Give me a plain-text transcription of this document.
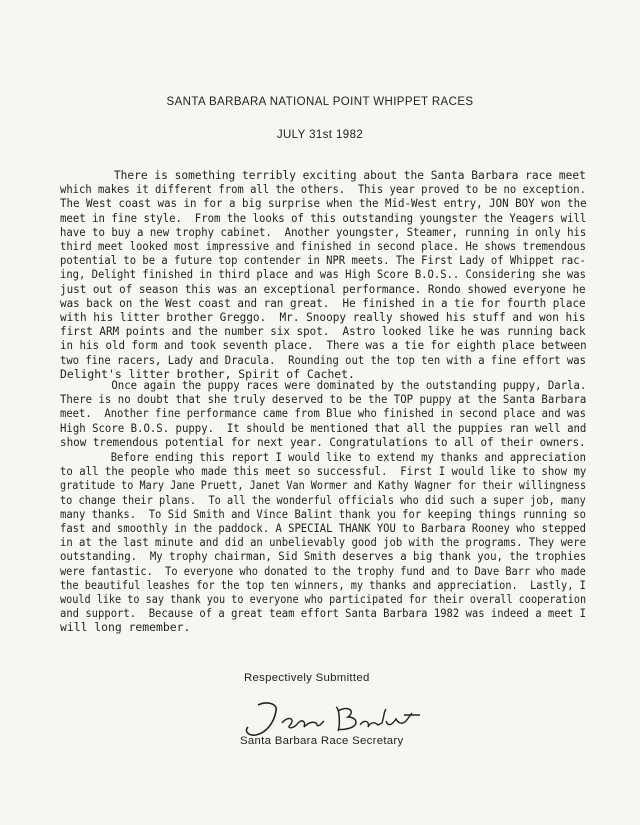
SANTA BARBARA NATIONAL POINT WHIPPET RACES
JULY 31st 1982
There is something terribly exciting about the Santa Barbara race meet
which makes it different from all the others.  This year proved to be no exception.
The West coast was in for a big surprise when the Mid-West entry, JON BOY won the
meet in fine style.  From the looks of this outstanding youngster the Yeagers will
have to buy a new trophy cabinet.  Another youngster, Steamer, running in only his
third meet looked most impressive and finished in second place. He shows tremendous
potential to be a future top contender in NPR meets. The First Lady of Whippet rac-
ing, Delight finished in third place and was High Score B.O.S.. Considering she was
just out of season this was an exceptional performance. Rondo showed everyone he
was back on the West coast and ran great.  He finished in a tie for fourth place
with his litter brother Greggo.  Mr. Snoopy really showed his stuff and won his
first ARM points and the number six spot.  Astro looked like he was running back
in his old form and took seventh place.  There was a tie for eighth place between
two fine racers, Lady and Dracula.  Rounding out the top ten with a fine effort was
Delight's litter brother, Spirit of Cachet.
Once again the puppy races were dominated by the outstanding puppy, Darla.
There is no doubt that she truly deserved to be the TOP puppy at the Santa Barbara
meet.  Another fine performance came from Blue who finished in second place and was
High Score B.O.S. puppy.  It should be mentioned that all the puppies ran well and
show tremendous potential for next year. Congratulations to all of their owners.
Before ending this report I would like to extend my thanks and appreciation
to all the people who made this meet so successful.  First I would like to show my
gratitude to Mary Jane Pruett, Janet Van Wormer and Kathy Wagner for their willingness
to change their plans.  To all the wonderful officials who did such a super job, many
many thanks.  To Sid Smith and Vince Balint thank you for keeping things running so
fast and smoothly in the paddock. A SPECIAL THANK YOU to Barbara Rooney who stepped
in at the last minute and did an unbelievably good job with the programs. They were
outstanding.  My trophy chairman, Sid Smith deserves a big thank you, the trophies
were fantastic.  To everyone who donated to the trophy fund and to Dave Barr who made
the beautiful leashes for the top ten winners, my thanks and appreciation.  Lastly, I
would like to say thank you to everyone who participated for their overall cooperation
and support.  Because of a great team effort Santa Barbara 1982 was indeed a meet I
will long remember.
Respectively Submitted
Santa Barbara Race Secretary
